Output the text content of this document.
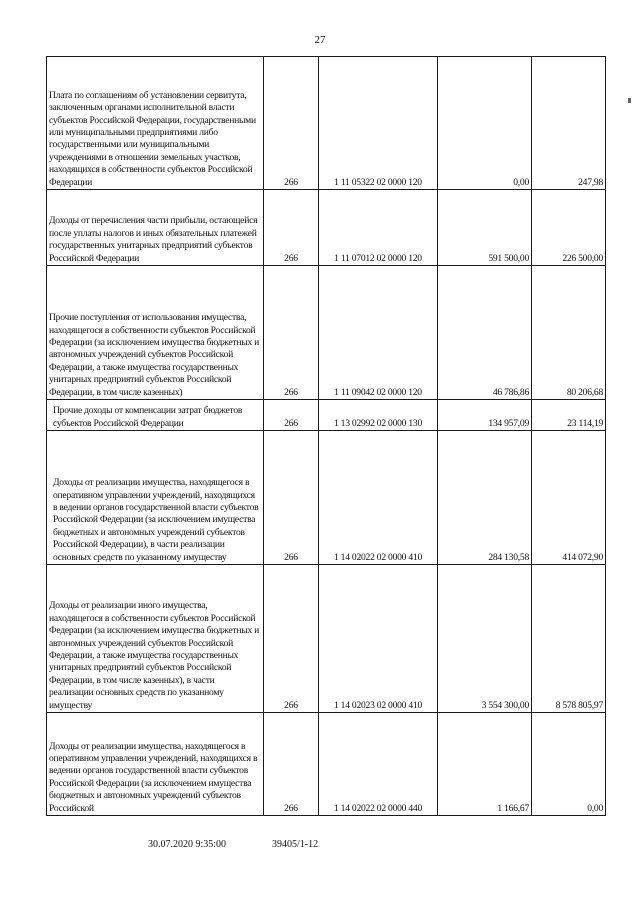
27
Плата по соглашениям об установлении сервитута, заключенным органами исполнительной власти субъектов Российской Федерации, государственными или муниципальными предприятиями либо государственными или муниципальными учреждениями в отношении земельных участков, находящихся в собственности субъектов Российской Федерации	266	1 11 05322 02 0000 120	0,00	247,98
Доходы от перечисления части прибыли, остающейся после уплаты налогов и иных обязательных платежей государственных унитарных предприятий субъектов Российской Федерации	266	1 11 07012 02 0000 120	591 500,00	226 500,00
Прочие поступления от использования имущества, находящегося в собственности субъектов Российской Федерации (за исключением имущества бюджетных и автономных учреждений субъектов Российской Федерации, а также имущества государственных унитарных предприятий субъектов Российской Федерации, в том числе казенных)	266	1 11 09042 02 0000 120	46 786,86	80 206,68

Прочие доходы от компенсации затрат бюджетов субъектов Российской Федерации	266	1 13 02992 02 0000 130	134 957,09	23 114,19

Доходы от реализации имущества, находящегося в оперативном управлении учреждений, находящихся в ведении органов государственной власти субъектов Российской Федерации (за исключением имущества бюджетных и автономных учреждений субъектов Российской Федерации), в части реализации основных средств по указанному имуществу	266	1 14 02022 02 0000 410	284 130,58	414 072,90
Доходы от реализации иного имущества, находящегося в собственности субъектов Российской Федерации (за исключением имущества бюджетных и автономных учреждений субъектов Российской Федерации, а также имущества государственных унитарных предприятий субъектов Российской Федерации, в том числе казенных), в части реализации основных средств по указанному имуществу	266	1 14 02023 02 0000 410	3 554 300,00	8 578 805,97
Доходы от реализации имущества, находящегося в оперативном управлении учреждений, находящихся в ведении органов государственной власти субъектов Российской Федерации (за исключением имущества бюджетных и автономных учреждений субъектов Российской	266	1 14 02022 02 0000 440	1 166,67	0,00
30.07.2020 9:35:00	39405/1-12
